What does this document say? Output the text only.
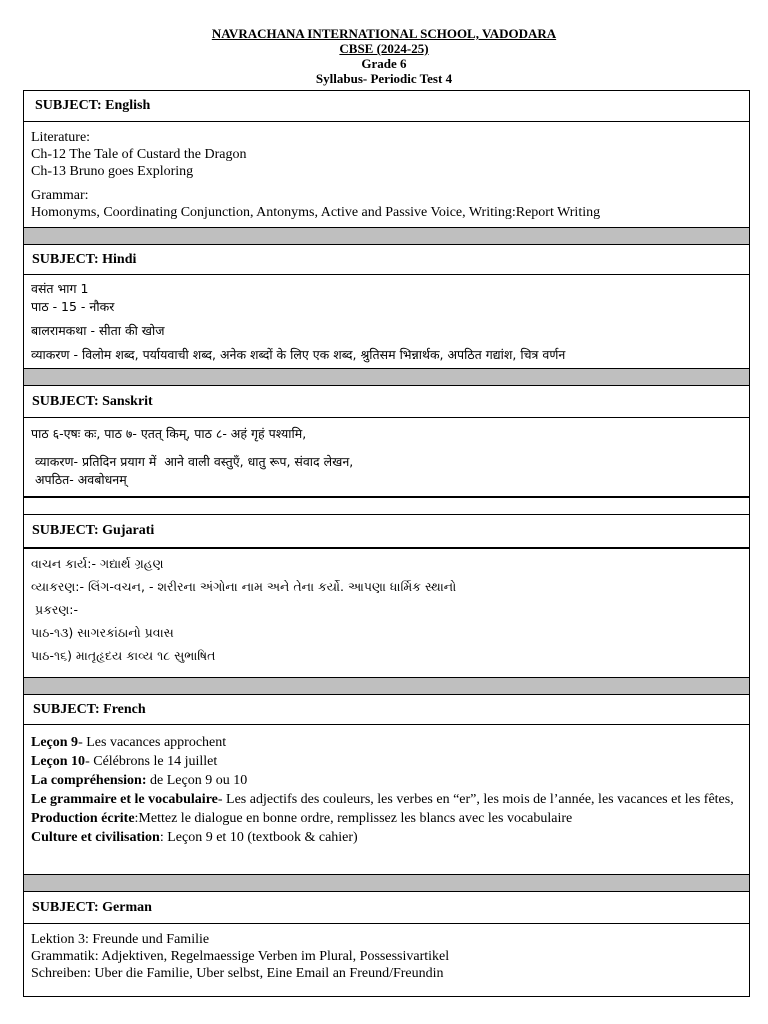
NAVRACHANA INTERNATIONAL SCHOOL, VADODARA
CBSE (2024-25)
Grade 6
Syllabus- Periodic Test 4
SUBJECT: English

Literature:

Ch-12 The Tale of Custard the Dragon

Ch-13 Bruno goes Exploring

Grammar:

Homonyms, Coordinating Conjunction, Antonyms, Active and Passive Voice, Writing:Report Writing

SUBJECT: Hindi

वसंत भाग 1

पाठ - 15 - नौकर

बालरामकथा - सीता की खोज

व्याकरण - विलोम शब्द, पर्यायवाची शब्द, अनेक शब्दों के लिए एक शब्द, श्रुतिसम भिन्नार्थक, अपठित गद्यांश, चित्र वर्णन

SUBJECT: Sanskrit

पाठ ६-एषः कः, पाठ ७- एतत् किम्, पाठ ८- अहं गृहं पश्यामि,

व्याकरण- प्रतिदिन प्रयाग में  आने वाली वस्तुएँ, धातु रूप, संवाद लेखन,

अपठित- अवबोधनम्

SUBJECT: Gujarati

વાચન કાર્ય:- ગદ્યાર્થ ગ્રહણ

વ્યાકરણ:- લિંગ-વચન, - શરીરના અંગોના નામ અને તેના કર્યો. આપણા ધાર્મિક સ્થાનો

પ્રકરણ:-

પાઠ-૧૩) સાગરકાંઠાનો પ્રવાસ

પાઠ-૧૬) માતૃહૃદય કાવ્ય ૧૮ સુભાષિત

SUBJECT: French

Leçon 9- Les vacances approchent

Leçon 10- Célébrons le 14 juillet

La compréhension: de Leçon 9 ou 10

Le grammaire et le vocabulaire- Les adjectifs des couleurs, les verbes en “er”, les mois de l’année, les vacances et les fêtes,

Production écrite:Mettez le dialogue en bonne ordre, remplissez les blancs avec les vocabulaire

Culture et civilisation: Leçon 9 et 10 (textbook & cahier)

SUBJECT: German

Lektion 3: Freunde und Familie

Grammatik: Adjektiven, Regelmaessige Verben im Plural, Possessivartikel

Schreiben: Uber die Familie, Uber selbst, Eine Email an Freund/Freundin
